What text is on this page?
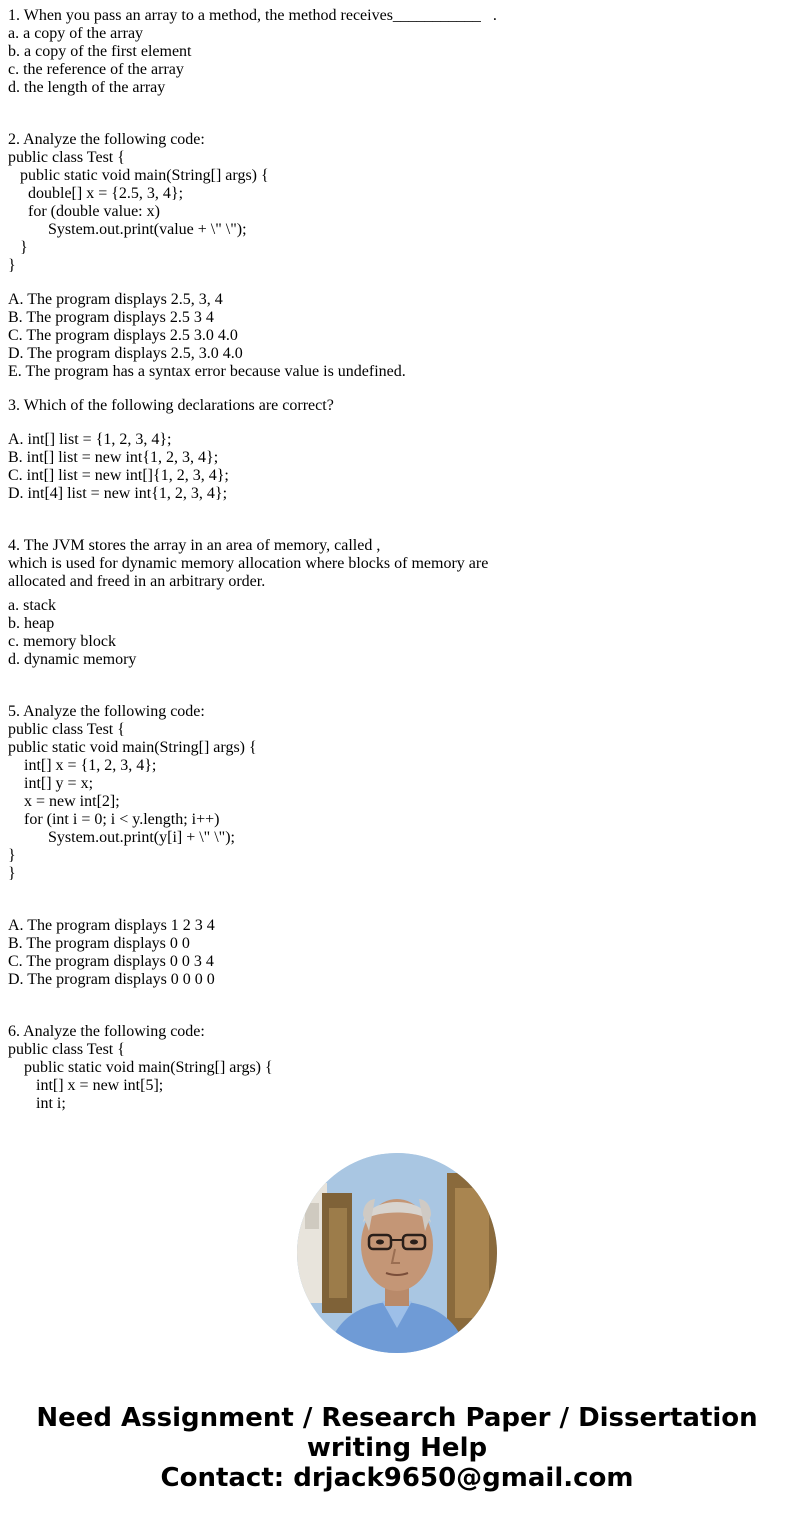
1. When you pass an array to a method, the method receives___________   .
a. a copy of the array
b. a copy of the first element
c. the reference of the array
d. the length of the array
2. Analyze the following code:
public class Test {
public static void main(String[] args) {
double[] x = {2.5, 3, 4};
for (double value: x)
System.out.print(value + \" \");
}
}
A. The program displays 2.5, 3, 4
B. The program displays 2.5 3 4
C. The program displays 2.5 3.0 4.0
D. The program displays 2.5, 3.0 4.0
E. The program has a syntax error because value is undefined.
3. Which of the following declarations are correct?
A. int[] list = {1, 2, 3, 4};
B. int[] list = new int{1, 2, 3, 4};
C. int[] list = new int[]{1, 2, 3, 4};
D. int[4] list = new int{1, 2, 3, 4};
4. The JVM stores the array in an area of memory, called ,
which is used for dynamic memory allocation where blocks of memory are
allocated and freed in an arbitrary order.
a. stack
b. heap
c. memory block
d. dynamic memory
5. Analyze the following code:
public class Test {
public static void main(String[] args) {
int[] x = {1, 2, 3, 4};
int[] y = x;
x = new int[2];
for (int i = 0; i < y.length; i++)
System.out.print(y[i] + \" \");
}
}
A. The program displays 1 2 3 4
B. The program displays 0 0
C. The program displays 0 0 3 4
D. The program displays 0 0 0 0
6. Analyze the following code:
public class Test {
public static void main(String[] args) {
int[] x = new int[5];
int i;
Need Assignment / Research Paper / Dissertation
writing Help
Contact: drjack9650@gmail.com
